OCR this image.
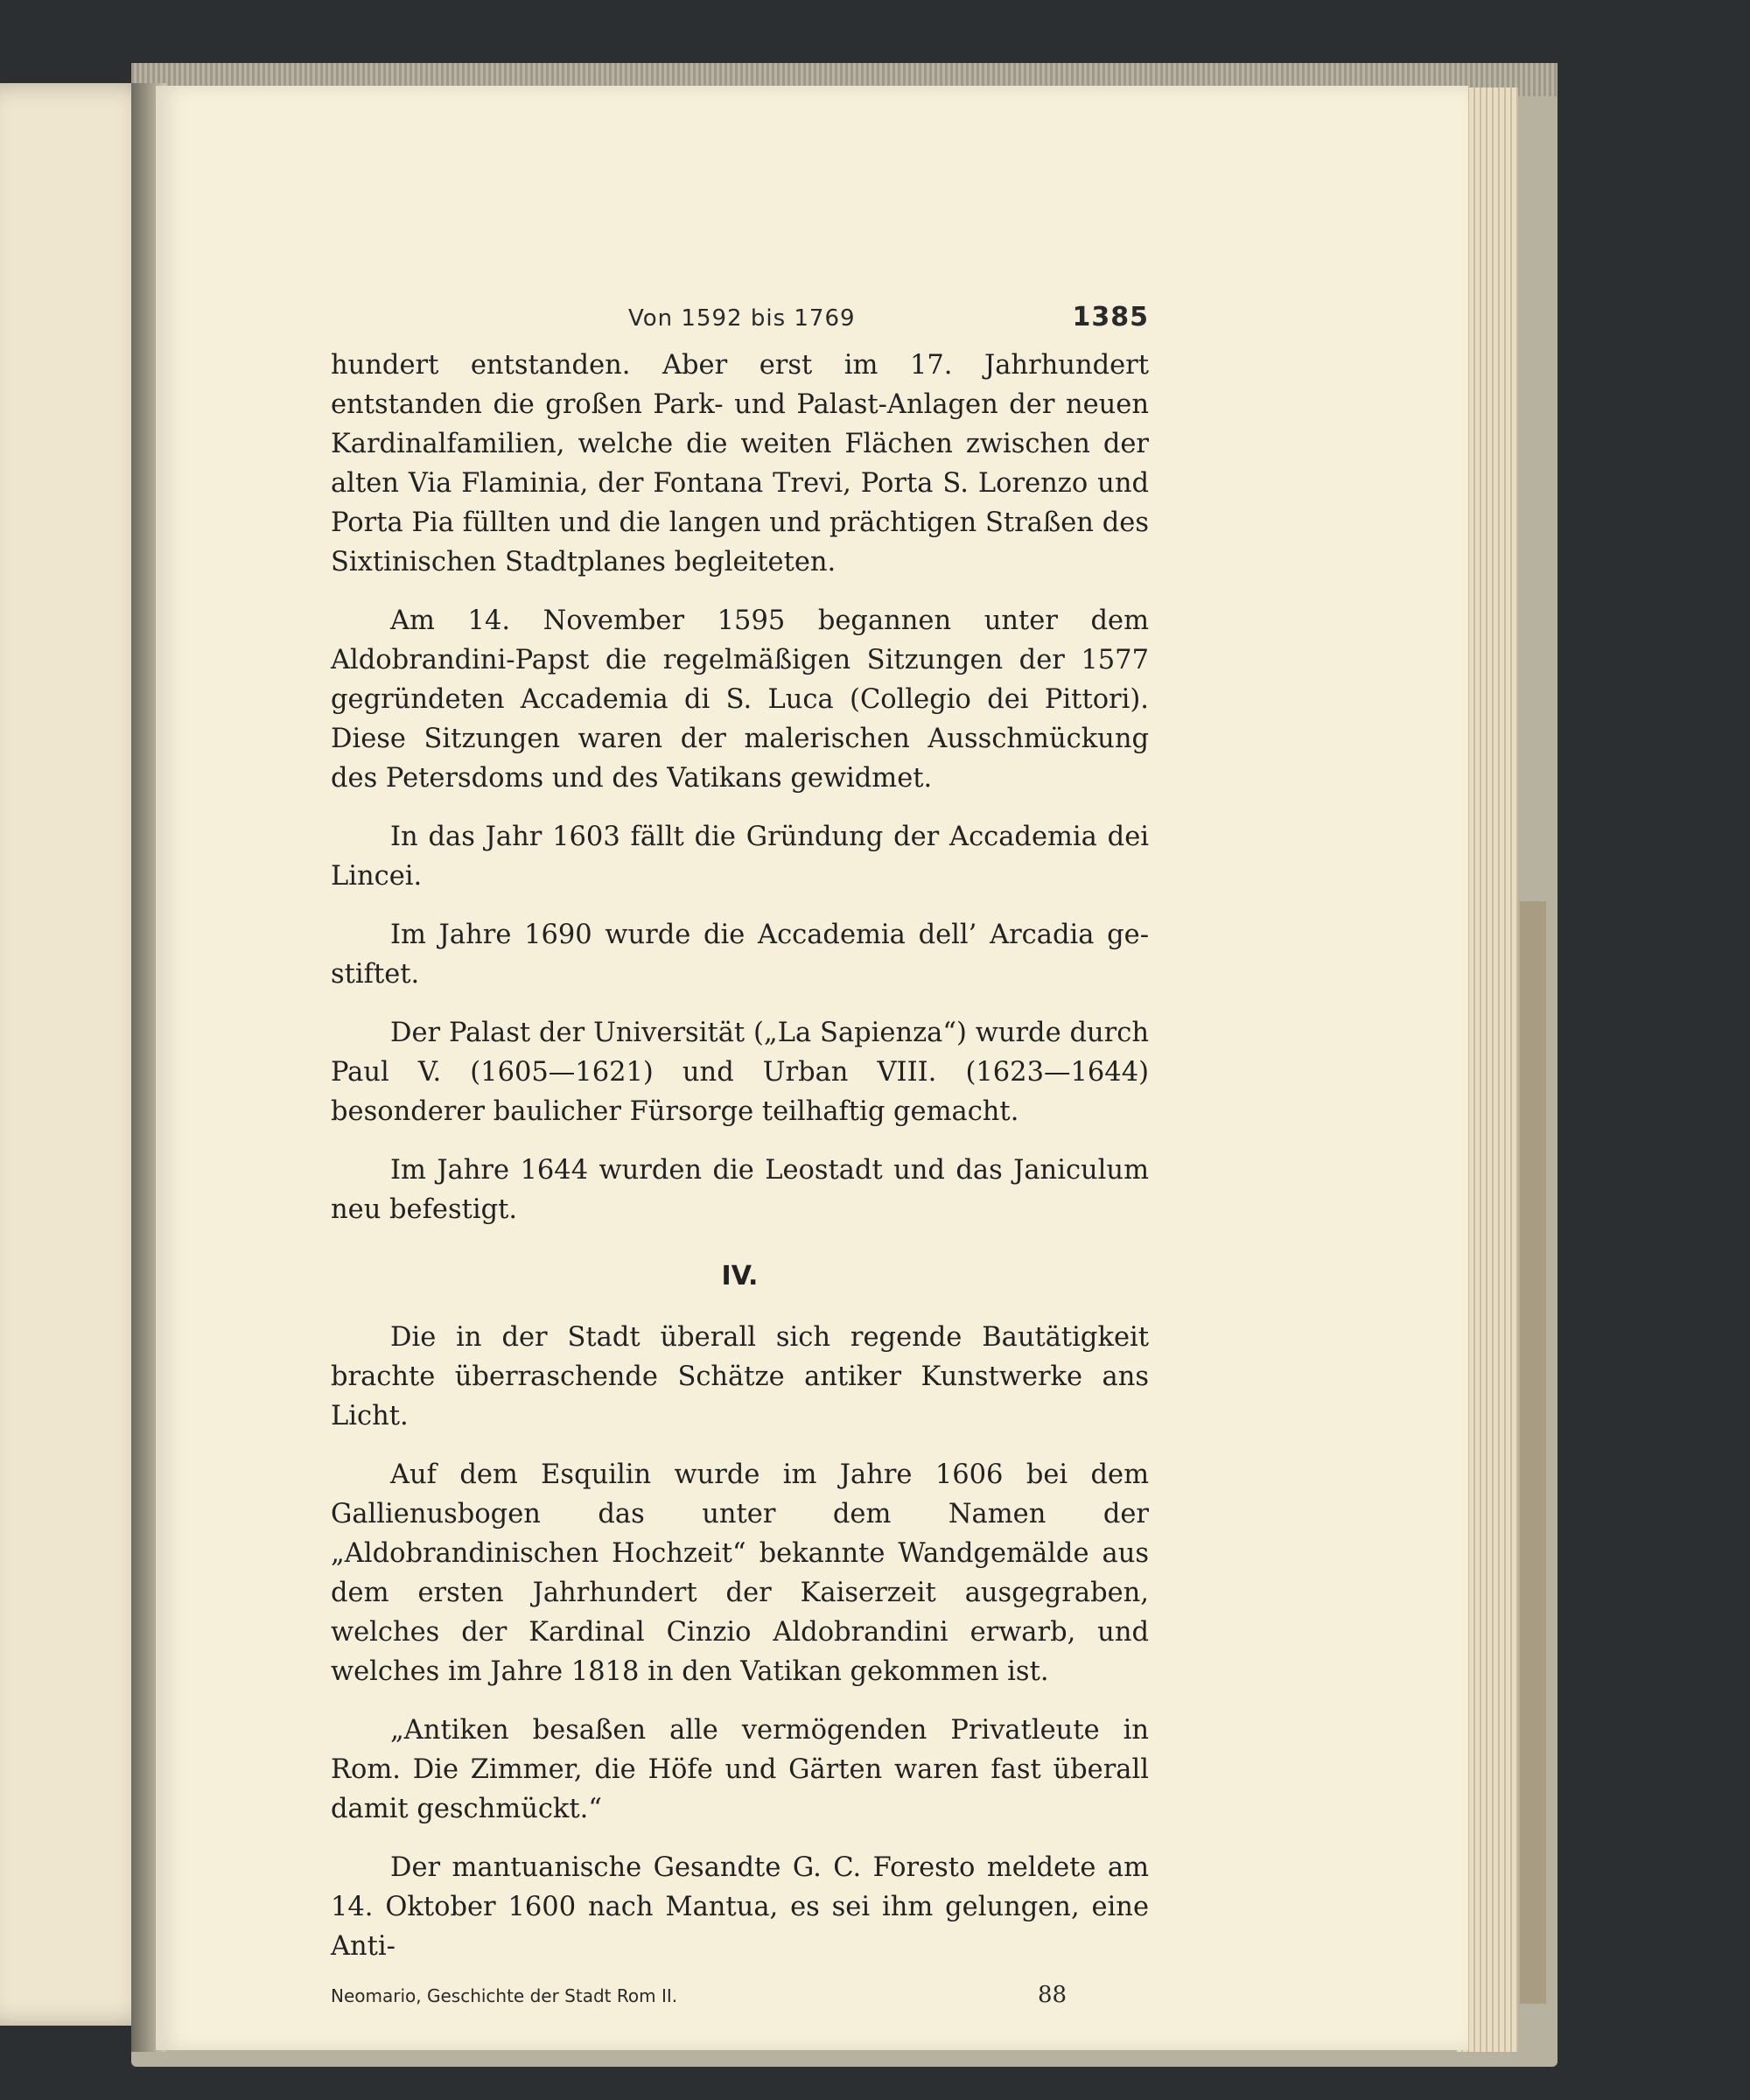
Von 1592 bis 1769	1385

hundert entstanden. Aber erst im 17. Jahrhundert entstanden die großen Park- und Palast-Anlagen der neuen Kardinalfamilien, welche die weiten Flächen zwischen der alten Via Flaminia, der Fontana Trevi, Porta S. Lorenzo und Porta Pia füllten und die langen und prächtigen Straßen des Sixtinischen Stadtplanes begleiteten.

Am 14. November 1595 begannen unter dem Aldobrandini-Papst die regelmäßigen Sitzungen der 1577 gegründeten Accademia di S. Luca (Collegio dei Pittori). Diese Sitzungen waren der malerischen Ausschmückung des Petersdoms und des Vatikans gewidmet.

In das Jahr 1603 fällt die Gründung der Accademia dei Lincei.

Im Jahre 1690 wurde die Accademia dell’ Arcadia gestiftet.

Der Palast der Universität („La Sapienza“) wurde durch Paul V. (1605—1621) und Urban VIII. (1623—1644) besonderer baulicher Fürsorge teilhaftig gemacht.

Im Jahre 1644 wurden die Leostadt und das Janiculum neu befestigt.

IV.

Die in der Stadt überall sich regende Bautätigkeit brachte überraschende Schätze antiker Kunstwerke ans Licht.

Auf dem Esquilin wurde im Jahre 1606 bei dem Gallienusbogen das unter dem Namen der „Aldobrandinischen Hochzeit“ bekannte Wandgemälde aus dem ersten Jahrhundert der Kaiserzeit ausgegraben, welches der Kardinal Cinzio Aldobrandini erwarb, und welches im Jahre 1818 in den Vatikan gekommen ist.

„Antiken besaßen alle vermögenden Privatleute in Rom. Die Zimmer, die Höfe und Gärten waren fast überall damit geschmückt.“

Der mantuanische Gesandte G. C. Foresto meldete am 14. Oktober 1600 nach Mantua, es sei ihm gelungen, eine Anti-

Neomario, Geschichte der Stadt Rom II.	88
